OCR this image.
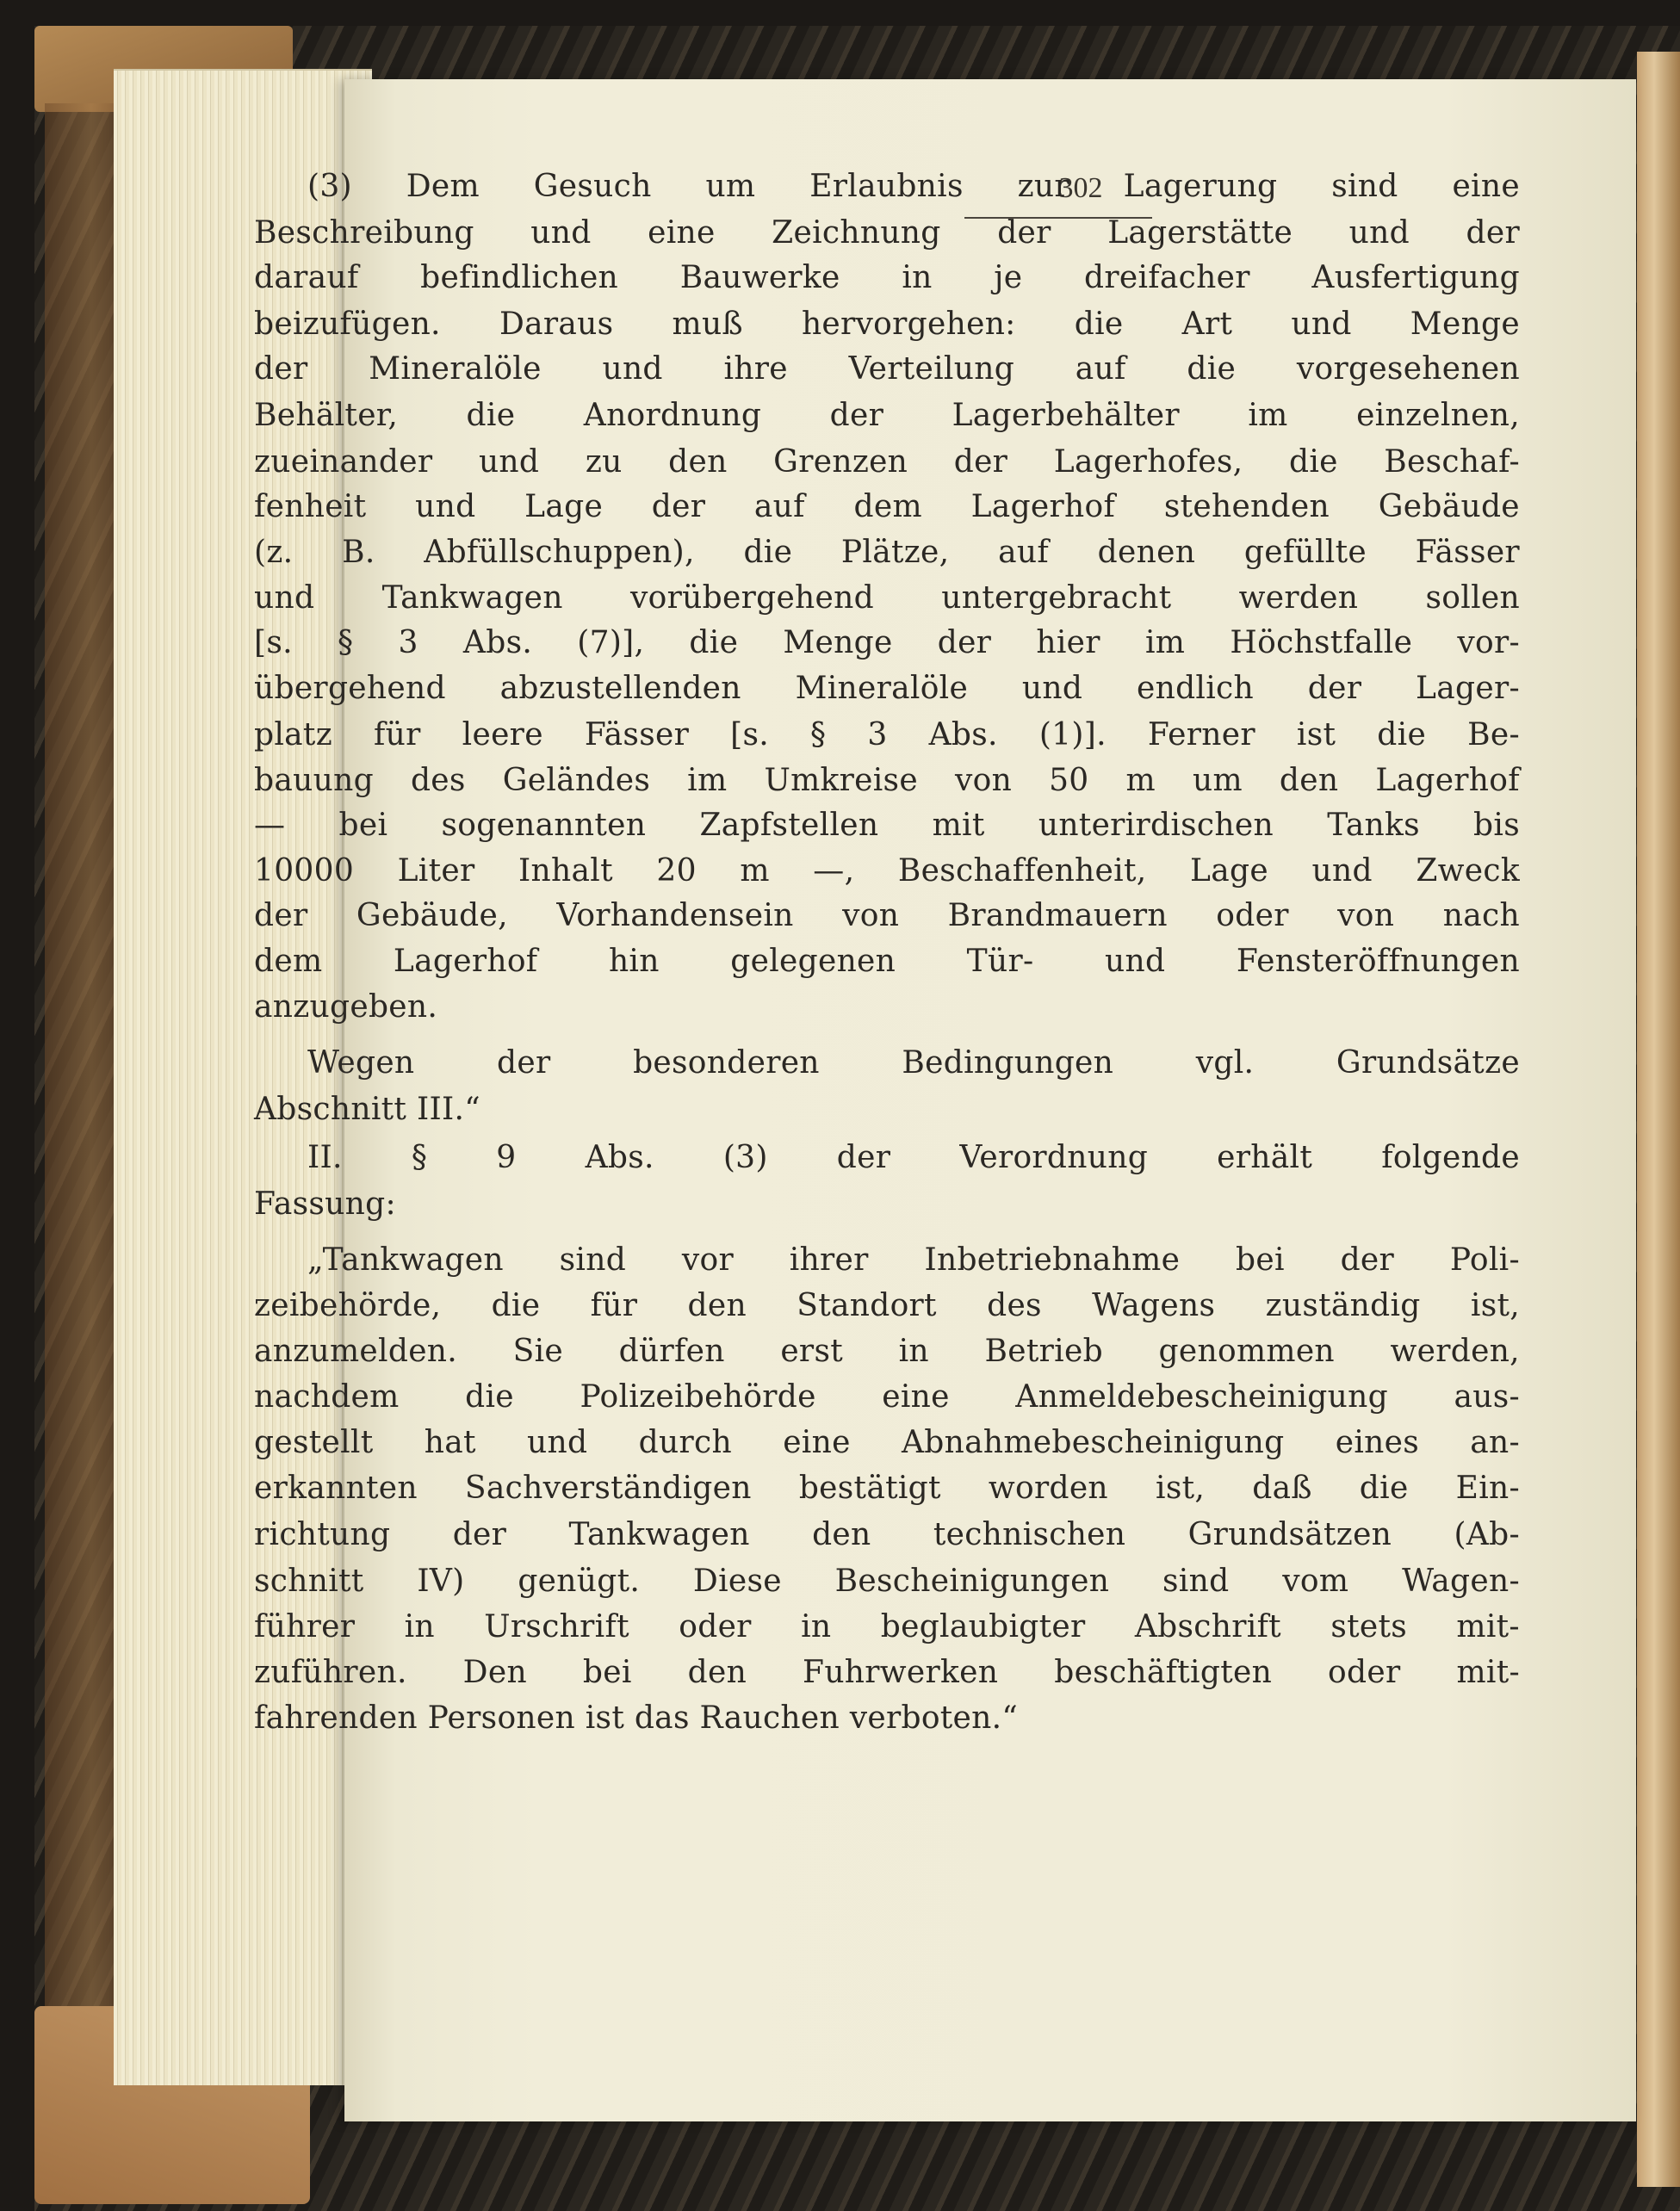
302
(3) Dem Gesuch um Erlaubnis zur Lagerung sind eine
Beschreibung und eine Zeichnung der Lagerstätte und der
darauf befindlichen Bauwerke in je dreifacher Ausfertigung
beizufügen. Daraus muß hervorgehen: die Art und Menge
der Mineralöle und ihre Verteilung auf die vorgesehenen
Behälter, die Anordnung der Lagerbehälter im einzelnen,
zueinander und zu den Grenzen der Lagerhofes, die Beschaf-
fenheit und Lage der auf dem Lagerhof stehenden Gebäude
(z. B. Abfüllschuppen), die Plätze, auf denen gefüllte Fässer
und Tankwagen vorübergehend untergebracht werden sollen
[s. § 3 Abs. (7)], die Menge der hier im Höchstfalle vor-
übergehend abzustellenden Mineralöle und endlich der Lager-
platz für leere Fässer [s. § 3 Abs. (1)]. Ferner ist die Be-
bauung des Geländes im Umkreise von 50 m um den Lagerhof
— bei sogenannten Zapfstellen mit unterirdischen Tanks bis
10000 Liter Inhalt 20 m —, Beschaffenheit, Lage und Zweck
der Gebäude, Vorhandensein von Brandmauern oder von nach
dem Lagerhof hin gelegenen Tür- und Fensteröffnungen
anzugeben.
Wegen	der	besonderen	Bedingungen	vgl.	Grundsätze
Abschnitt III.“
II. § 9 Abs. (3) der Verordnung erhält folgende
Fassung:
„Tankwagen sind vor ihrer Inbetriebnahme bei der Poli-
zeibehörde, die für den Standort des Wagens zuständig ist,
anzumelden. Sie dürfen erst in Betrieb genommen werden,
nachdem die Polizeibehörde eine Anmeldebescheinigung aus-
gestellt hat und durch eine Abnahmebescheinigung eines an-
erkannten Sachverständigen bestätigt worden ist, daß die Ein-
richtung der Tankwagen den technischen Grundsätzen (Ab-
schnitt IV) genügt. Diese Bescheinigungen sind vom Wagen-
führer in Urschrift oder in beglaubigter Abschrift stets mit-
zuführen. Den bei den Fuhrwerken beschäftigten oder mit-
fahrenden Personen ist das Rauchen verboten.“
